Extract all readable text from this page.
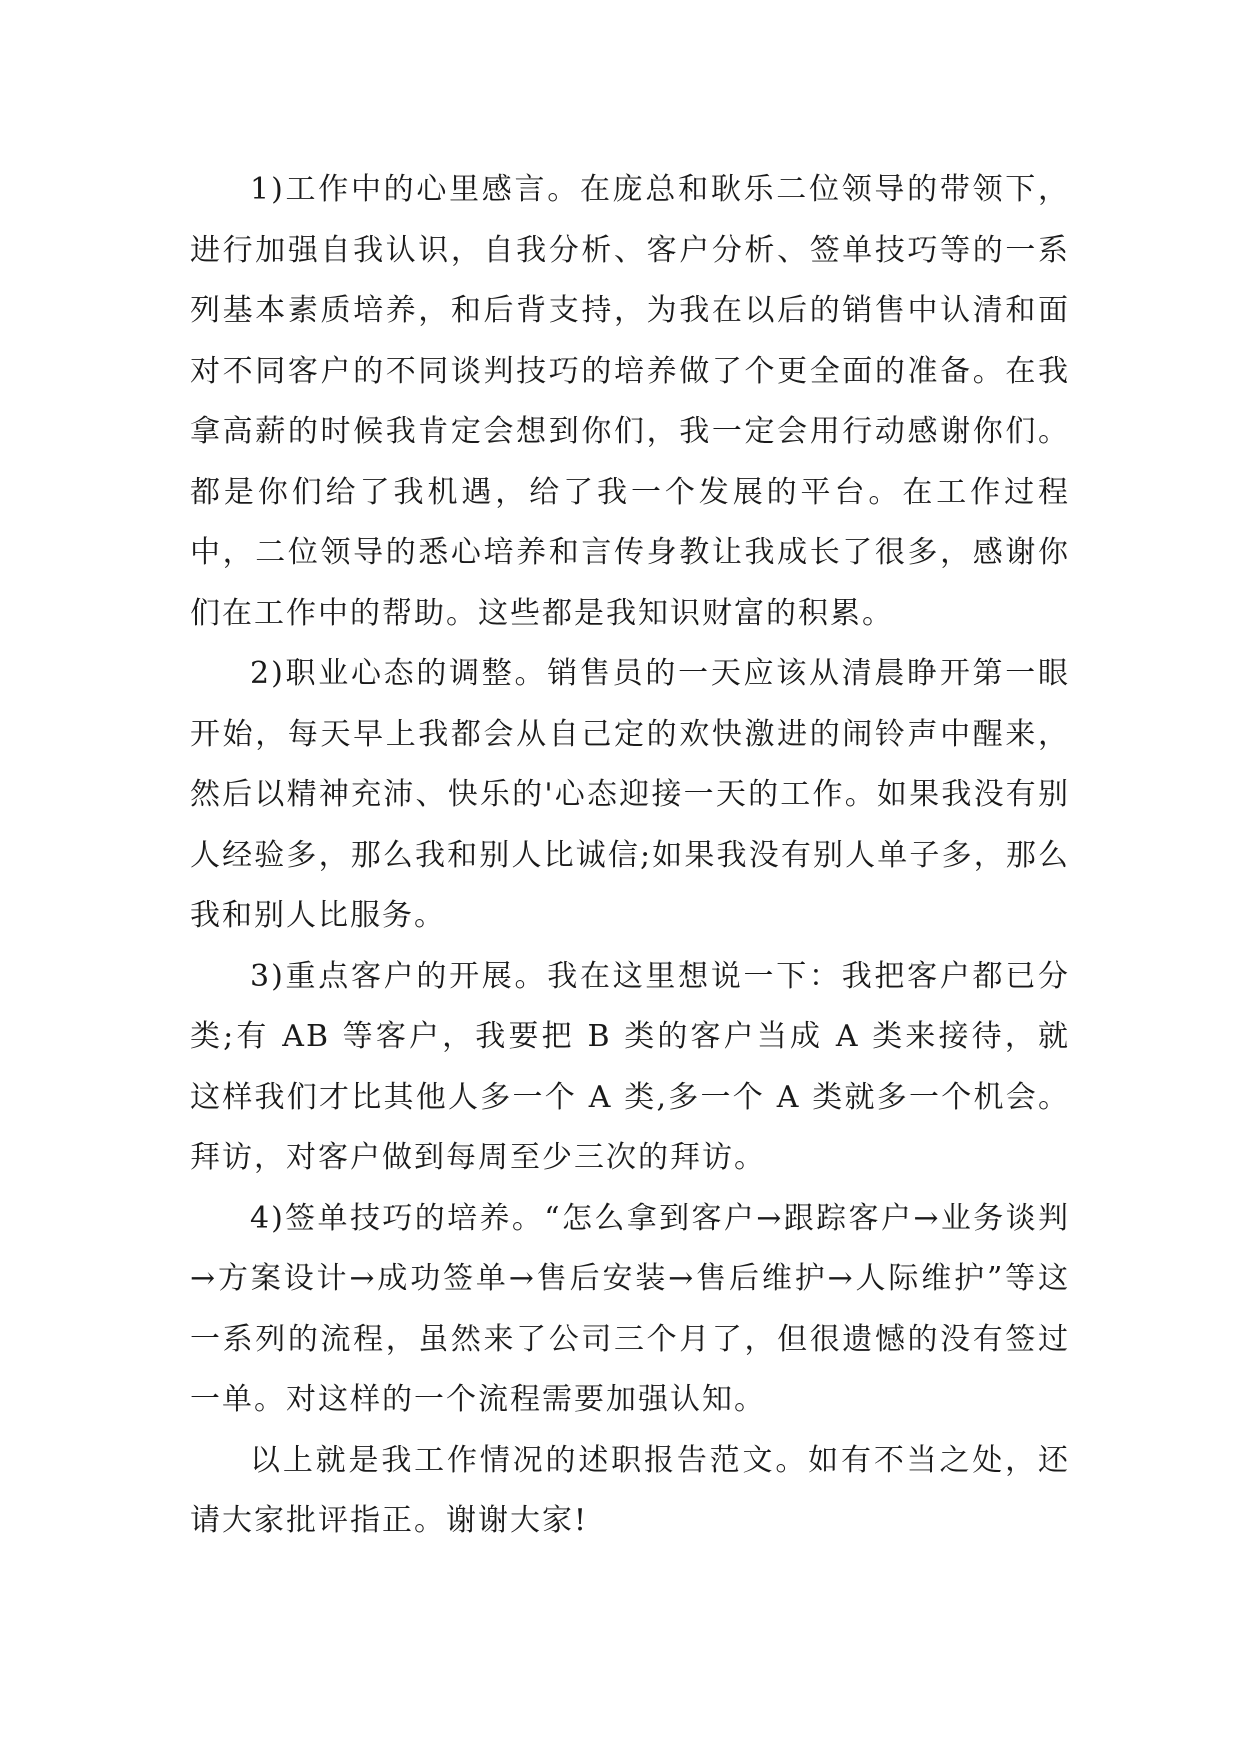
1)工作中的心里感言。在庞总和耿乐二位领导的带领下，进行加强自我认识，自我分析、客户分析、签单技巧等的一系列基本素质培养，和后背支持，为我在以后的销售中认清和面对不同客户的不同谈判技巧的培养做了个更全面的准备。在我拿高薪的时候我肯定会想到你们，我一定会用行动感谢你们。都是你们给了我机遇，给了我一个发展的平台。在工作过程中，二位领导的悉心培养和言传身教让我成长了很多，感谢你们在工作中的帮助。这些都是我知识财富的积累。

2)职业心态的调整。销售员的一天应该从清晨睁开第一眼开始，每天早上我都会从自己定的欢快激进的闹铃声中醒来，然后以精神充沛、快乐的'心态迎接一天的工作。如果我没有别人经验多，那么我和别人比诚信;如果我没有别人单子多，那么我和别人比服务。

3)重点客户的开展。我在这里想说一下：我把客户都已分类;有 AB 等客户，我要把 B 类的客户当成 A 类来接待，就这样我们才比其他人多一个 A 类,多一个 A 类就多一个机会。拜访，对客户做到每周至少三次的拜访。

4)签单技巧的培养。“怎么拿到客户→跟踪客户→业务谈判→方案设计→成功签单→售后安装→售后维护→人际维护”等这一系列的流程，虽然来了公司三个月了，但很遗憾的没有签过一单。对这样的一个流程需要加强认知。

以上就是我工作情况的述职报告范文。如有不当之处，还请大家批评指正。谢谢大家!
